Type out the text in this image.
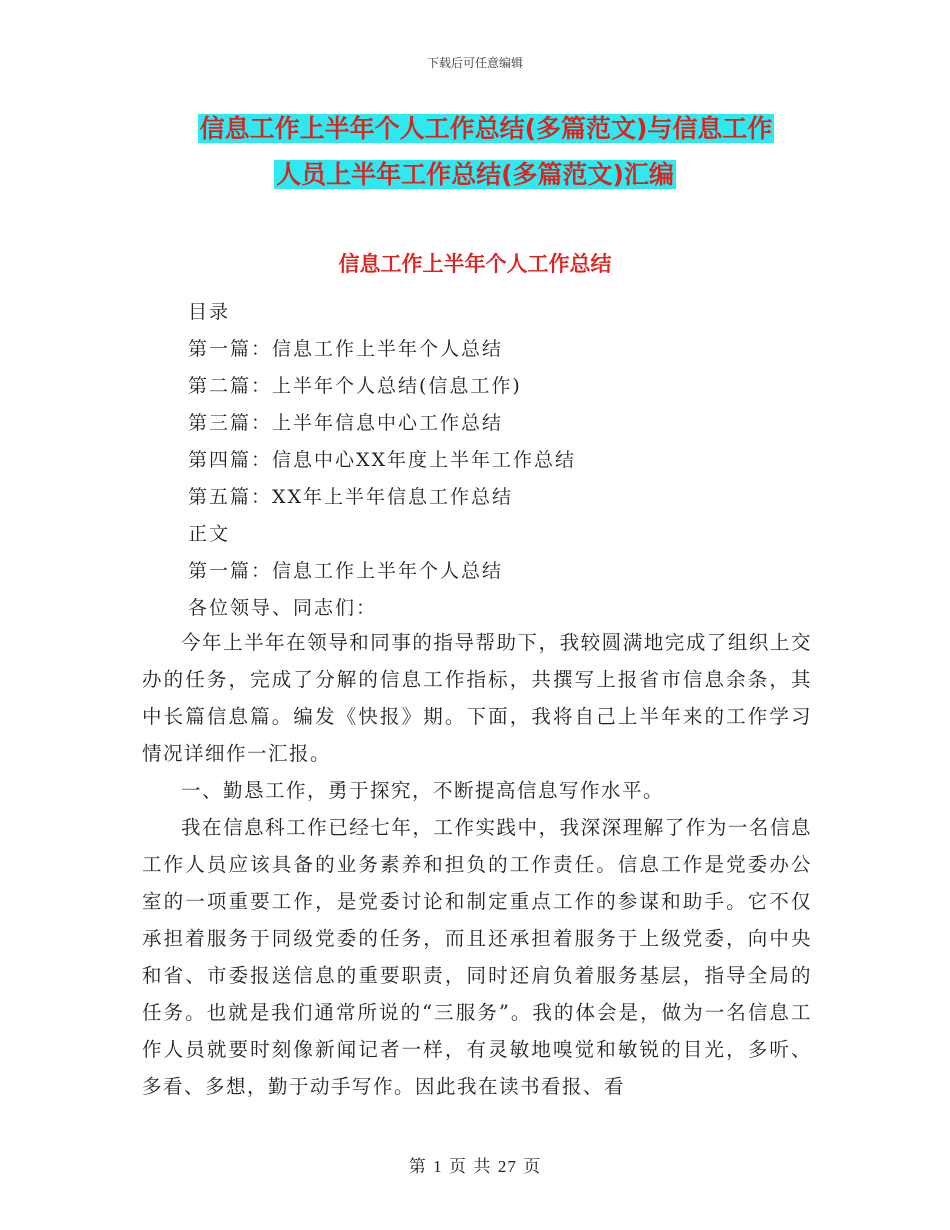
下载后可任意编辑
信息工作上半年个人工作总结(多篇范文)与信息工作
人员上半年工作总结(多篇范文)汇编
信息工作上半年个人工作总结
目录
第一篇：信息工作上半年个人总结
第二篇：上半年个人总结(信息工作)
第三篇：上半年信息中心工作总结
第四篇：信息中心XX年度上半年工作总结
第五篇：XX年上半年信息工作总结
正文
第一篇：信息工作上半年个人总结
各位领导、同志们：

今年上半年在领导和同事的指导帮助下，我较圆满地完成了组织上交办的任务，完成了分解的信息工作指标，共撰写上报省市信息余条，其中长篇信息篇。编发《快报》期。下面，我将自己上半年来的工作学习情况详细作一汇报。

一、勤恳工作，勇于探究，不断提高信息写作水平。

我在信息科工作已经七年，工作实践中，我深深理解了作为一名信息工作人员应该具备的业务素养和担负的工作责任。信息工作是党委办公室的一项重要工作，是党委讨论和制定重点工作的参谋和助手。它不仅承担着服务于同级党委的任务，而且还承担着服务于上级党委，向中央和省、市委报送信息的重要职责，同时还肩负着服务基层，指导全局的任务。也就是我们通常所说的“三服务”。我的体会是，做为一名信息工作人员就要时刻像新闻记者一样，有灵敏地嗅觉和敏锐的目光，多听、多看、多想，勤于动手写作。因此我在读书看报、看

第 1 页 共 27 页
